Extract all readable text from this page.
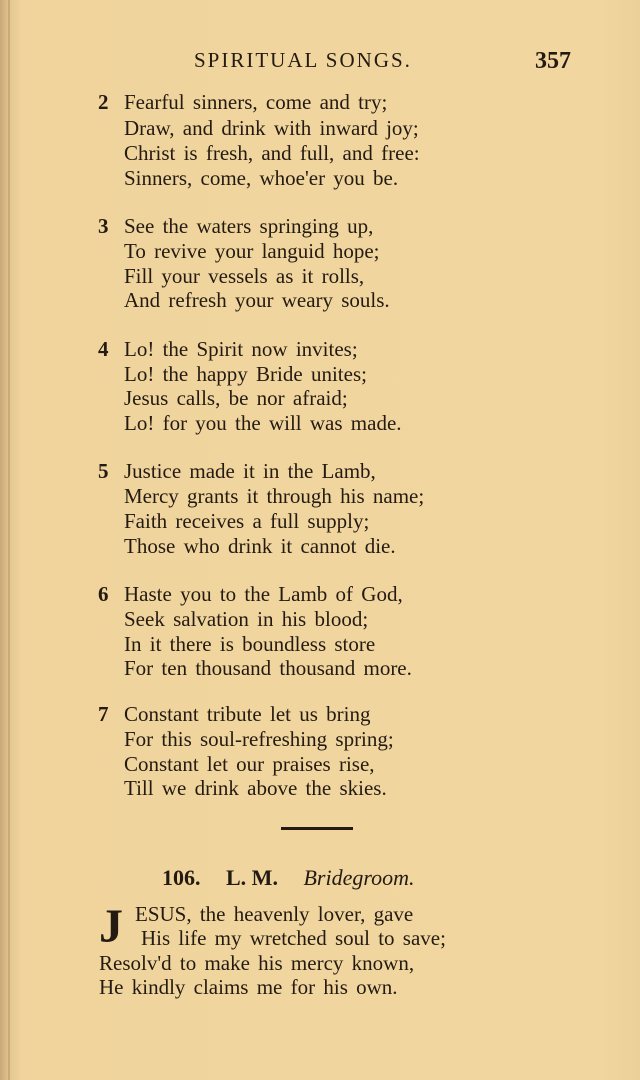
SPIRITUAL SONGS.	357
2 Fearful sinners, come and try;
Draw, and drink with inward joy;
Christ is fresh, and full, and free:
Sinners, come, whoe'er you be.
3 See the waters springing up,
To revive your languid hope;
Fill your vessels as it rolls,
And refresh your weary souls.
4 Lo! the Spirit now invites;
Lo! the happy Bride unites;
Jesus calls, be nor afraid;
Lo! for you the will was made.
5 Justice made it in the Lamb,
Mercy grants it through his name;
Faith receives a full supply;
Those who drink it cannot die.
6 Haste you to the Lamb of God,
Seek salvation in his blood;
In it there is boundless store
For ten thousand thousand more.
7 Constant tribute let us bring
For this soul-refreshing spring;
Constant let our praises rise,
Till we drink above the skies.
106. L. M. Bridegroom.
J ESUS, the heavenly lover, gave
His life my wretched soul to save;
Resolv'd to make his mercy known,
He kindly claims me for his own.
